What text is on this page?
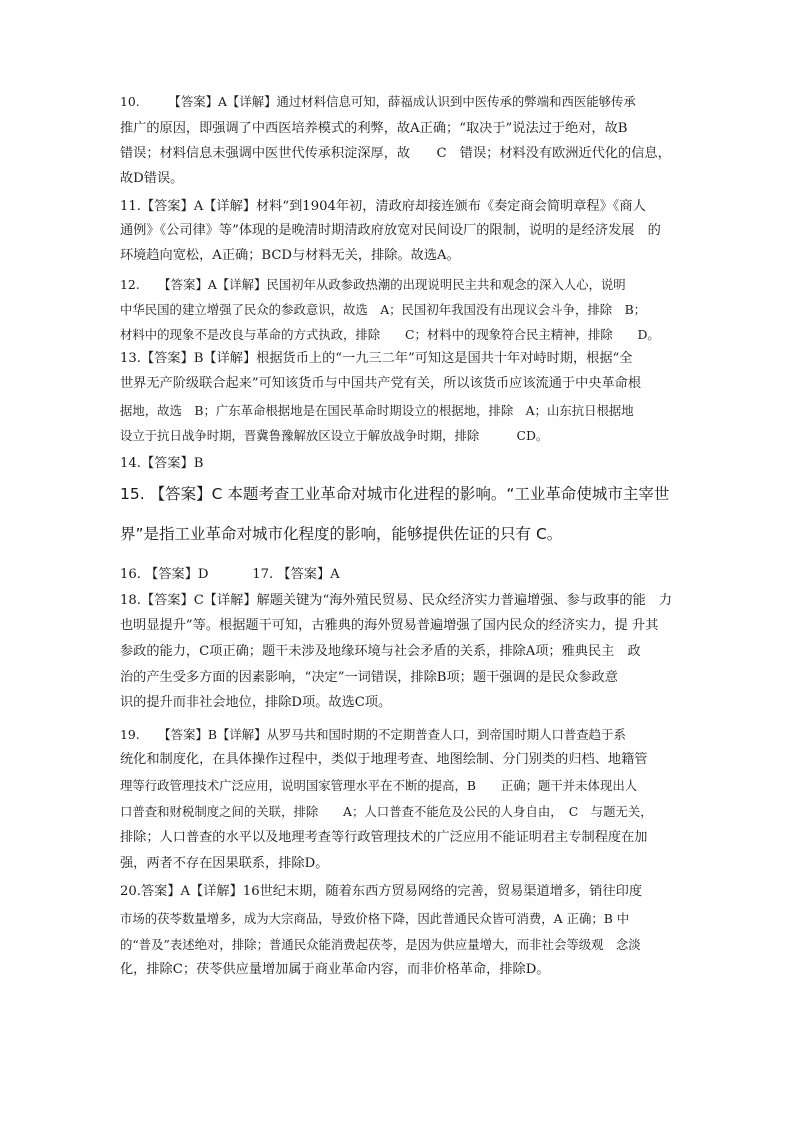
10.　　 【答案】A【详解】通过材料信息可知，薛福成认识到中医传承的弊端和西医能够传承
推广的原因，即强调了中西医培养模式的利弊，故A正确；“取决于”说法过于绝对，故B
错误；材料信息未强调中医世代传承积淀深厚，故　　C　错误；材料没有欧洲近代化的信息，
故D错误。
11.【答案】A【详解】材料“到1904年初，清政府却接连颁布《奏定商会简明章程》《商人
通例》《公司律》等”体现的是晚清时期清政府放宽对民间设厂的限制，说明的是经济发展　的
环境趋向宽松，A正确；BCD与材料无关，排除。故选A。
12.　　【答案】A【详解】民国初年从政参政热潮的出现说明民主共和观念的深入人心，说明
中华民国的建立增强了民众的参政意识，故选　A；民国初年我国没有出现议会斗争，排除　B；
材料中的现象不是改良与革命的方式执政，排除　　C；材料中的现象符合民主精神，排除　　D。
13.【答案】B【详解】根据货币上的“一九三二年”可知这是国共十年对峙时期，根据“全
世界无产阶级联合起来”可知该货币与中国共产党有关，所以该货币应该流通于中央革命根
据地，故选　B；广东革命根据地是在国民革命时期设立的根据地，排除　A；山东抗日根据地
设立于抗日战争时期，晋冀鲁豫解放区设立于解放战争时期，排除　　　CD。
14.【答案】B
15. 【答案】C 本题考查工业革命对城市化进程的影响。“工业革命使城市主宰世
界”是指工业革命对城市化程度的影响，能够提供佐证的只有 C。
16. 【答案】D　　　 17. 【答案】A
18.【答案】C【详解】解题关键为“海外殖民贸易、民众经济实力普遍增强、参与政事的能　力
也明显提升”等。根据题干可知，古雅典的海外贸易普遍增强了国内民众的经济实力，提 升其
参政的能力，C项正确；题干未涉及地缘环境与社会矛盾的关系，排除A项；雅典民主　政
治的产生受多方面的因素影响，“决定”一词错误，排除B项；题干强调的是民众参政意
识的提升而非社会地位，排除D项。故选C项。
19.　　【答案】B【详解】从罗马共和国时期的不定期普查人口，到帝国时期人口普查趋于系
统化和制度化，在具体操作过程中，类似于地理考查、地图绘制、分门别类的归档、地籍管
理等行政管理技术广泛应用，说明国家管理水平在不断的提高，B　　正确；题干并未体现出人
口普查和财税制度之间的关联，排除　　A；人口普查不能危及公民的人身自由，　C　与题无关，
排除；人口普查的水平以及地理考查等行政管理技术的广泛应用不能证明君主专制程度在加
强，两者不存在因果联系，排除D。
20.答案】A【详解】16世纪末期，随着东西方贸易网络的完善，贸易渠道增多，销往印度
市场的茯苓数量增多，成为大宗商品，导致价格下降，因此普通民众皆可消费，A 正确；B 中
的“普及”表述绝对，排除；普通民众能消费起茯苓，是因为供应量增大，而非社会等级观　念淡
化，排除C；茯苓供应量增加属于商业革命内容，而非价格革命，排除D。
